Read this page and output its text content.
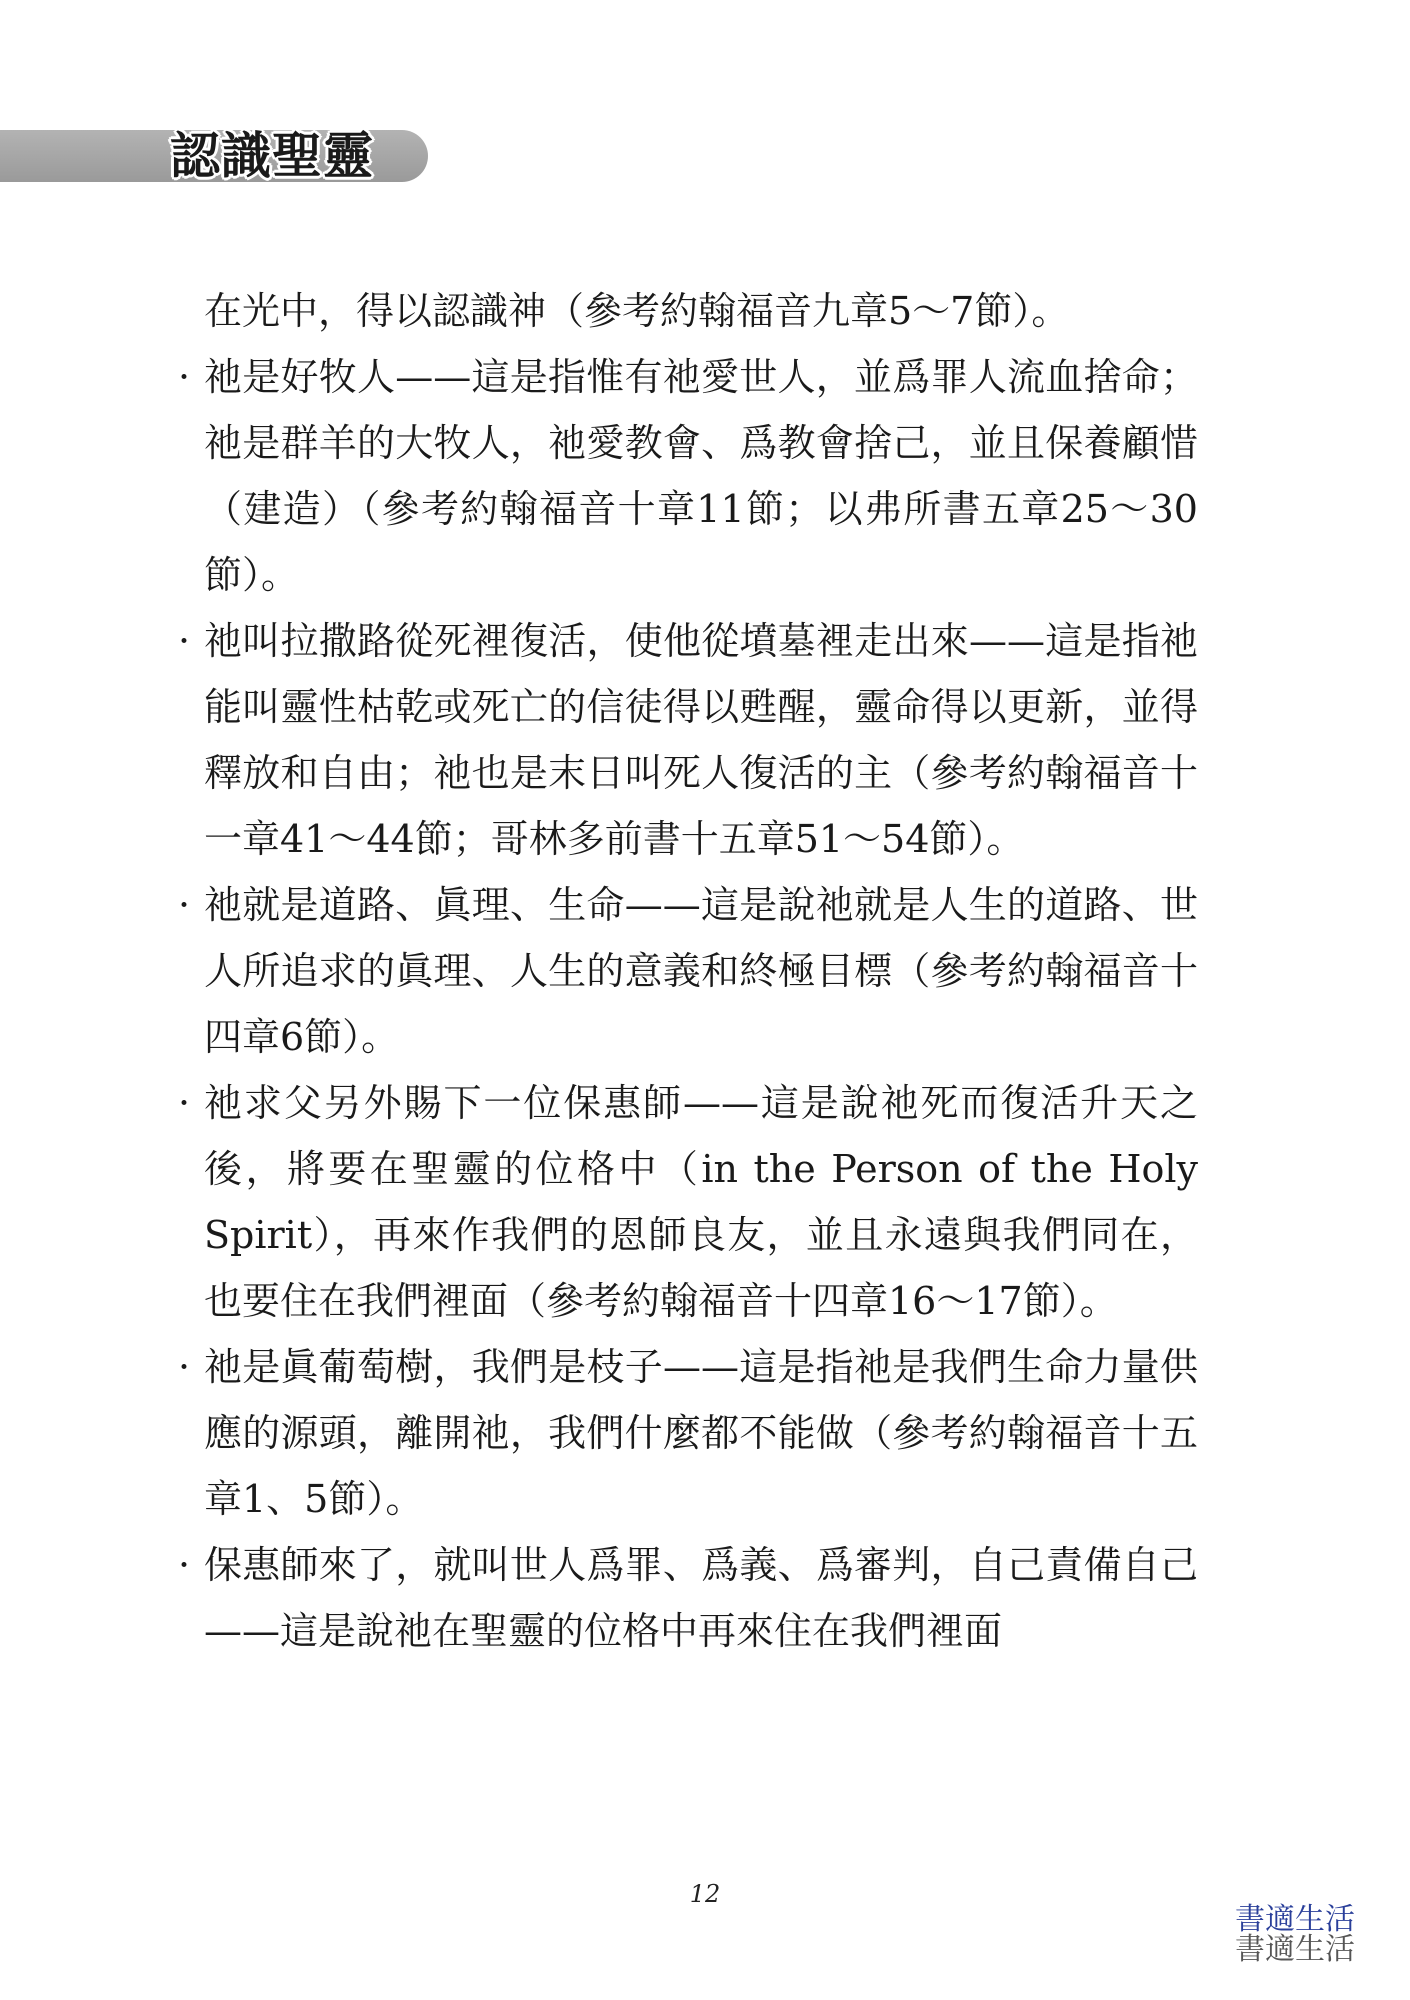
認識聖靈
在光中，得以認識神（參考約翰福音九章5～7節）。
· 祂是好牧人——這是指惟有祂愛世人，並爲罪人流血捨命；祂是群羊的大牧人，祂愛教會、爲教會捨己，並且保養顧惜（建造）（參考約翰福音十章11節；以弗所書五章25～30節）。
· 祂叫拉撒路從死裡復活，使他從墳墓裡走出來——這是指祂能叫靈性枯乾或死亡的信徒得以甦醒，靈命得以更新，並得釋放和自由；祂也是末日叫死人復活的主（參考約翰福音十一章41～44節；哥林多前書十五章51～54節）。
· 祂就是道路、眞理、生命——這是說祂就是人生的道路、世人所追求的眞理、人生的意義和終極目標（參考約翰福音十四章6節）。
· 祂求父另外賜下一位保惠師——這是說祂死而復活升天之後，將要在聖靈的位格中（in the Person of the Holy Spirit），再來作我們的恩師良友，並且永遠與我們同在，也要住在我們裡面（參考約翰福音十四章16～17節）。
· 祂是眞葡萄樹，我們是枝子——這是指祂是我們生命力量供應的源頭，離開祂，我們什麼都不能做（參考約翰福音十五章1、5節）。
· 保惠師來了，就叫世人爲罪、爲義、爲審判，自己責備自己——這是說祂在聖靈的位格中再來住在我們裡面
12
書適生活
書適生活
